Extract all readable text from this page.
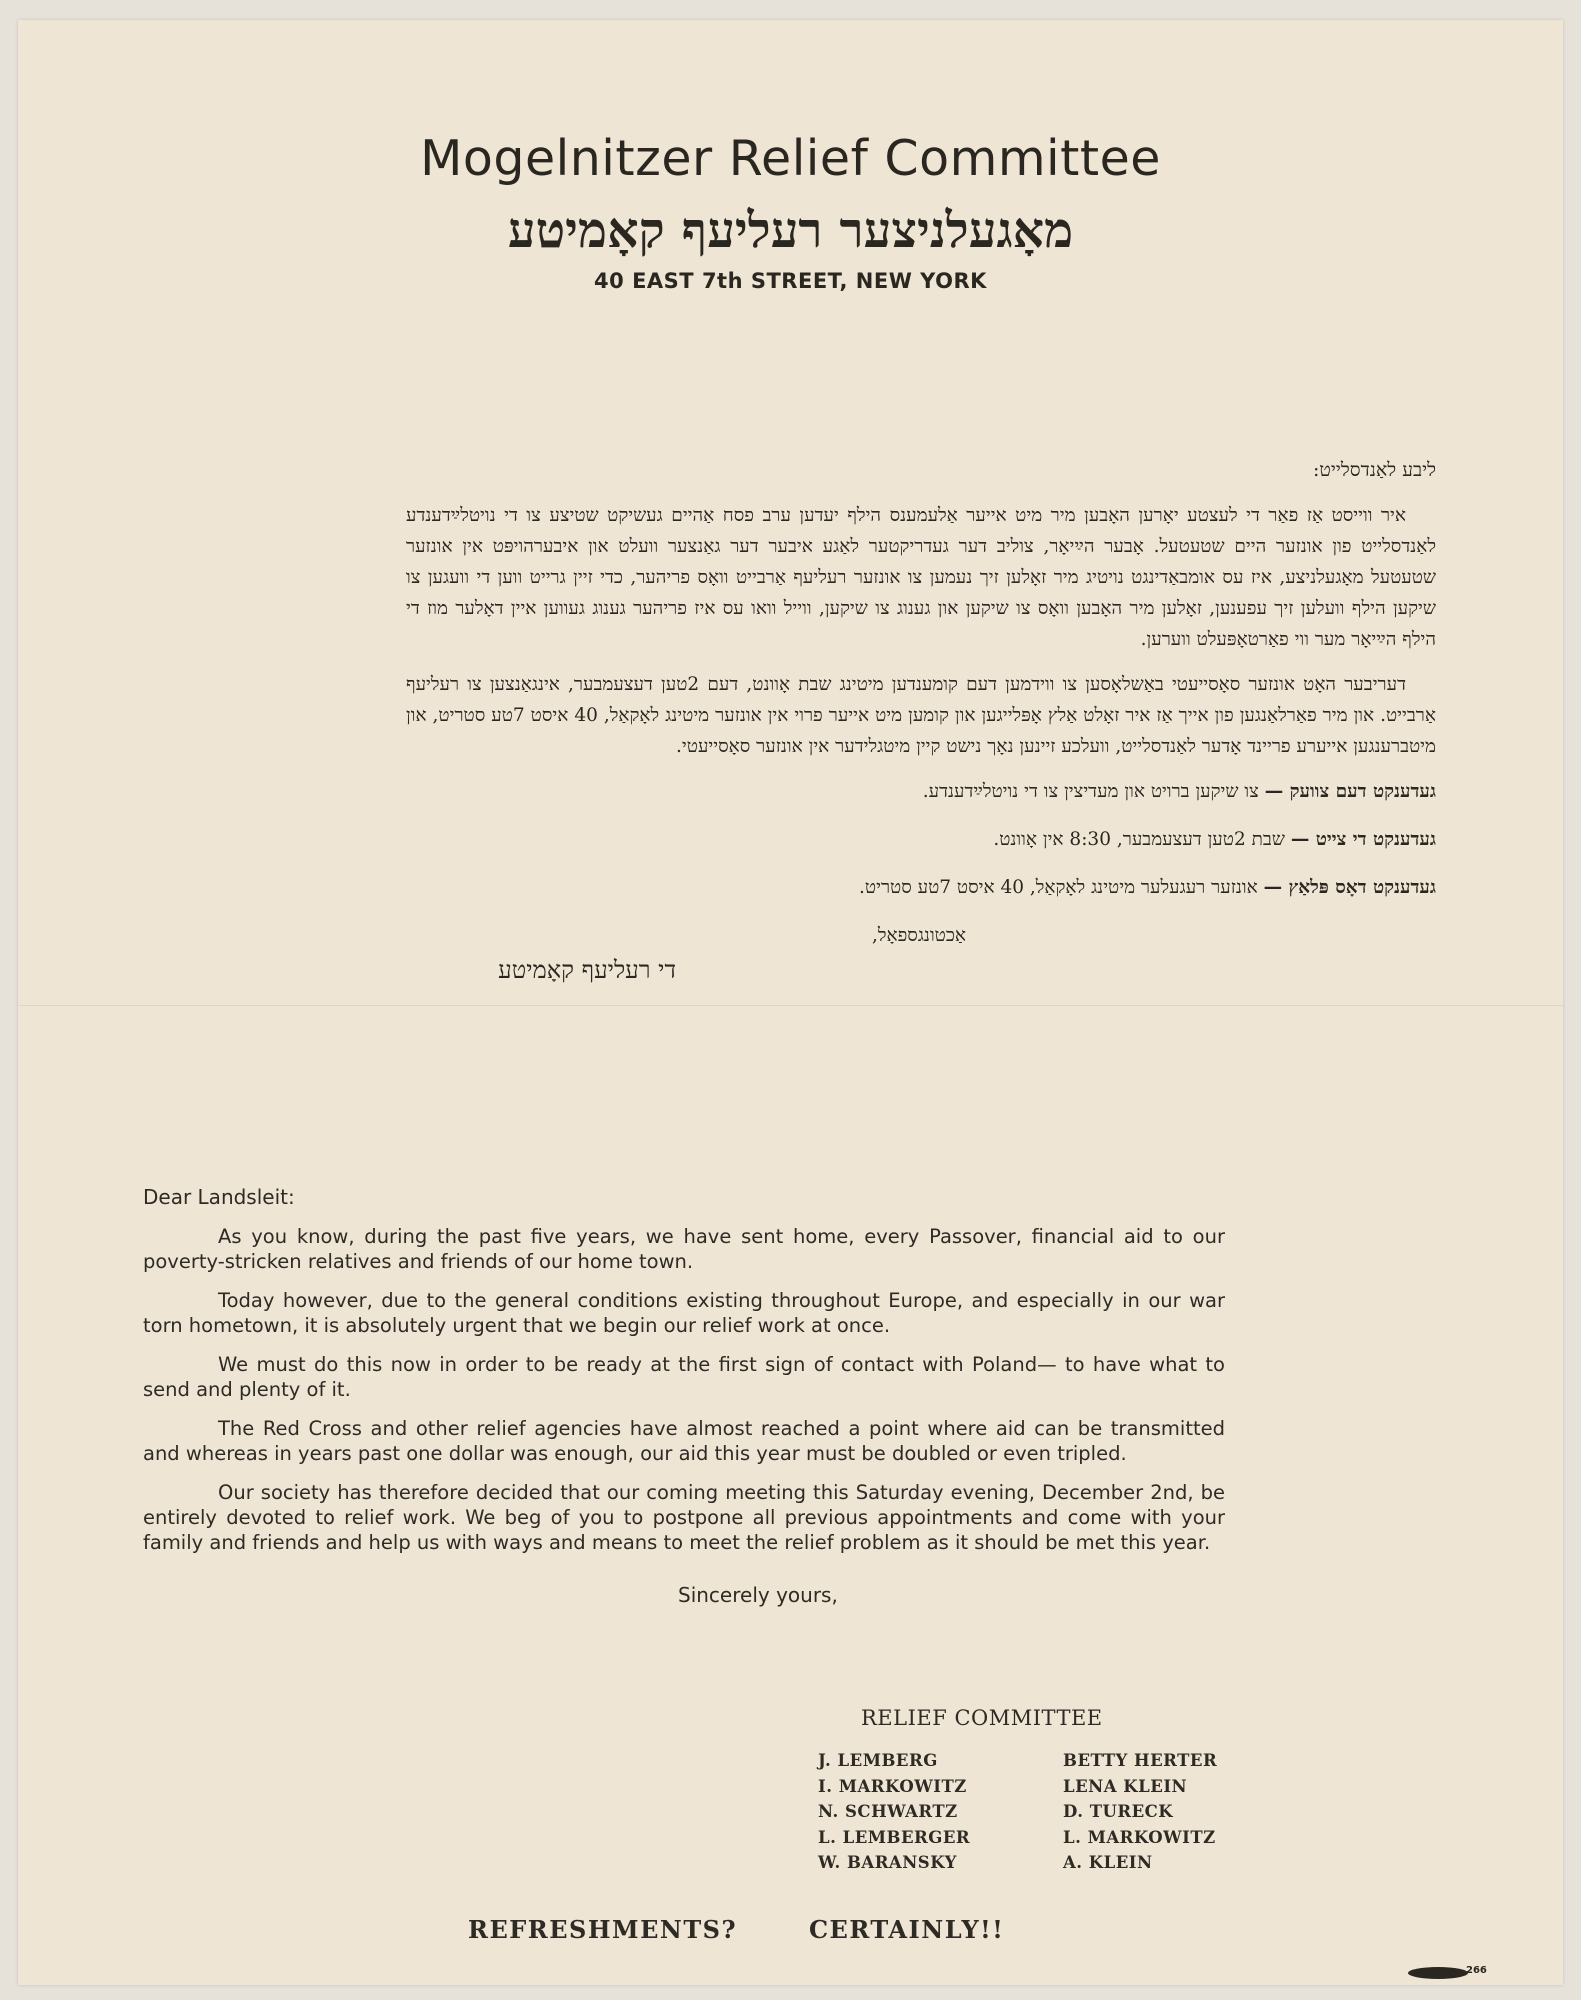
Mogelnitzer Relief Committee
מאָגעלניצער רעליעף קאָמיטע
40 EAST 7th STREET, NEW YORK

ליבע לאַנדסלייט:

איר ווייסט אַז פאַר די לעצטע יאָרען האָבען מיר מיט אייער אַלעמענס הילף יעדען ערב פסח אַהיים געשיקט שטיצע צו די נויטלײַדענדע לאַנדסלייט פון אונזער היים שטעטעל. אָבער הײַיאָר, צוליב דער געדריקטער לאַגע איבער דער גאַנצער וועלט און איבערהויפּט אין אונזער שטעטעל מאָגעלניצע, איז עס אומבאַדינגט נויטיג מיר זאָלען זיך נעמען צו אונזער רעליעף אַרבייט וואָס פריהער, כדי זיין גרייט ווען די וועגען צו שיקען הילף וועלען זיך עפענען, זאָלען מיר האָבען וואָס צו שיקען און גענוג צו שיקען, ווייל וואו עס איז פריהער גענוג געווען איין דאָלער מוז די הילף הײַיאָר מער ווי פאַרטאָפּעלט ווערען.

דעריבער האָט אונזער סאָסייעטי באַשלאָסען צו ווידמען דעם קומענדען מיטינג שבת אָוונט, דעם 2טען דעצעמבער, אינגאַנצען צו רעליעף אַרבייט. און מיר פאַרלאַנגען פון אייך אַז איר זאָלט אַלץ אָפּלייגען און קומען מיט אייער פרוי אין אונזער מיטינג לאָקאַל, 40 איסט 7טע סטריט, און מיטברענגען אייערע פריינד אָדער לאַנדסלייט, וועלכע זיינען נאָך נישט קיין מיטגלידער אין אונזער סאָסייעטי.

געדענקט דעם צוועק — צו שיקען ברויט און מעדיצין צו די נויטלײַדענדע.
געדענקט די צייט — שבת 2טען דעצעמבער, 8:30 אין אָוונט.
געדענקט דאָס פּלאַץ — אונזער רעגעלער מיטינג לאָקאַל, 40 איסט 7טע סטריט.

אַכטונגספאָל,

די רעליעף קאָמיטע

Dear Landsleit:

As you know, during the past five years, we have sent home, every Passover, financial aid to our poverty-stricken relatives and friends of our home town.

Today however, due to the general conditions existing throughout Europe, and especially in our war torn hometown, it is absolutely urgent that we begin our relief work at once.

We must do this now in order to be ready at the first sign of contact with Poland— to have what to send and plenty of it.

The Red Cross and other relief agencies have almost reached a point where aid can be transmitted and whereas in years past one dollar was enough, our aid this year must be doubled or even tripled.

Our society has therefore decided that our coming meeting this Saturday evening, December 2nd, be entirely devoted to relief work. We beg of you to postpone all previous appointments and come with your family and friends and help us with ways and means to meet the relief problem as it should be met this year.

Sincerely yours,

RELIEF COMMITTEE
J. LEMBERG
I. MARKOWITZ
N. SCHWARTZ
L. LEMBERGER
W. BARANSKY
BETTY HERTER
LENA KLEIN
D. TURECK
L. MARKOWITZ
A. KLEIN
REFRESHMENTS?	CERTAINLY!!
266
